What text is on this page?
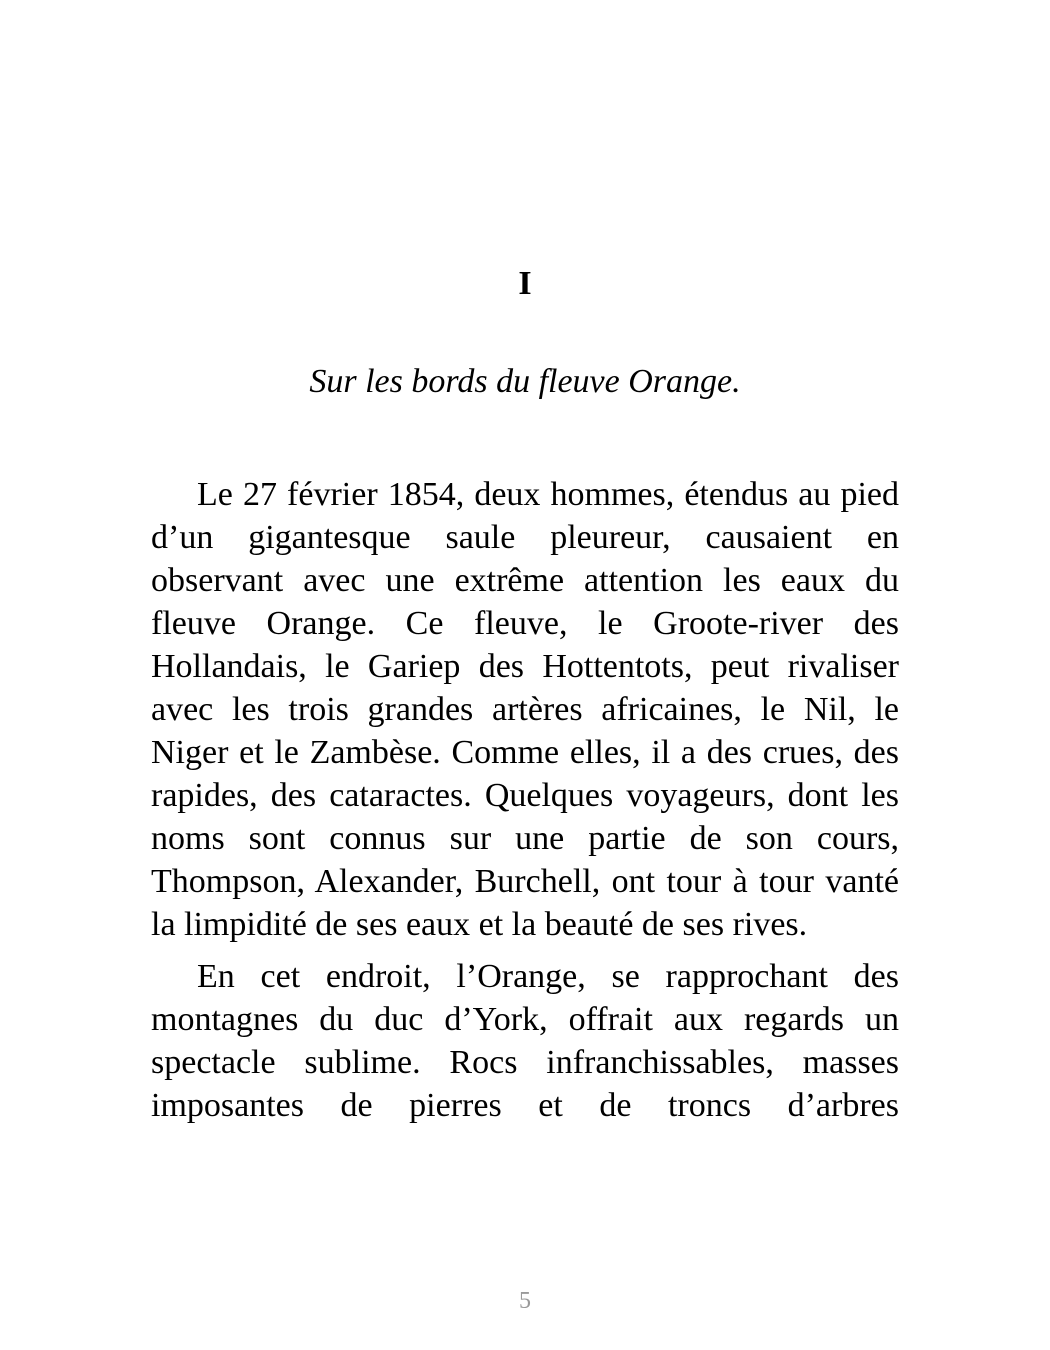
I
Sur les bords du fleuve Orange.

Le 27 février 1854, deux hommes, étendus au pied d’un gigantesque saule pleureur, causaient en observant avec une extrême attention les eaux du fleuve Orange. Ce fleuve, le Groote-river des Hollandais, le Gariep des Hottentots, peut rivaliser avec les trois grandes artères africaines, le Nil, le Niger et le Zambèse. Comme elles, il a des crues, des rapides, des cataractes. Quelques voyageurs, dont les noms sont connus sur une partie de son cours, Thompson, Alexander, Burchell, ont tour à tour vanté la limpidité de ses eaux et la beauté de ses rives.

En cet endroit, l’Orange, se rapprochant des montagnes du duc d’York, offrait aux regards un spectacle sublime. Rocs infranchissables, masses imposantes de pierres et de troncs d’arbres

5
